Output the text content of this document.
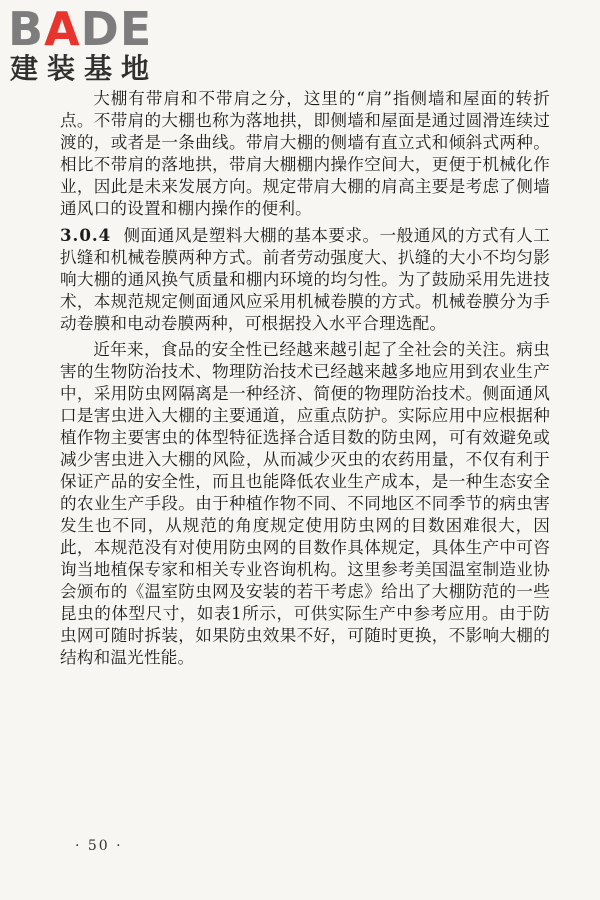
BADE
建装基地

大棚有带肩和不带肩之分，这里的“肩”指侧墙和屋面的转折点。不带肩的大棚也称为落地拱，即侧墙和屋面是通过圆滑连续过渡的，或者是一条曲线。带肩大棚的侧墙有直立式和倾斜式两种。相比不带肩的落地拱，带肩大棚棚内操作空间大，更便于机械化作业，因此是未来发展方向。规定带肩大棚的肩高主要是考虑了侧墙通风口的设置和棚内操作的便利。

3.0.4 侧面通风是塑料大棚的基本要求。一般通风的方式有人工扒缝和机械卷膜两种方式。前者劳动强度大、扒缝的大小不均匀影响大棚的通风换气质量和棚内环境的均匀性。为了鼓励采用先进技术，本规范规定侧面通风应采用机械卷膜的方式。机械卷膜分为手动卷膜和电动卷膜两种，可根据投入水平合理选配。

近年来，食品的安全性已经越来越引起了全社会的关注。病虫害的生物防治技术、物理防治技术已经越来越多地应用到农业生产中，采用防虫网隔离是一种经济、简便的物理防治技术。侧面通风口是害虫进入大棚的主要通道，应重点防护。实际应用中应根据种植作物主要害虫的体型特征选择合适目数的防虫网，可有效避免或减少害虫进入大棚的风险，从而减少灭虫的农药用量，不仅有利于保证产品的安全性，而且也能降低农业生产成本，是一种生态安全的农业生产手段。由于种植作物不同、不同地区不同季节的病虫害发生也不同，从规范的角度规定使用防虫网的目数困难很大，因此，本规范没有对使用防虫网的目数作具体规定，具体生产中可咨询当地植保专家和相关专业咨询机构。这里参考美国温室制造业协会颁布的《温室防虫网及安装的若干考虑》给出了大棚防范的一些昆虫的体型尺寸，如表1所示，可供实际生产中参考应用。由于防虫网可随时拆装，如果防虫效果不好，可随时更换，不影响大棚的结构和温光性能。

· 50 ·
